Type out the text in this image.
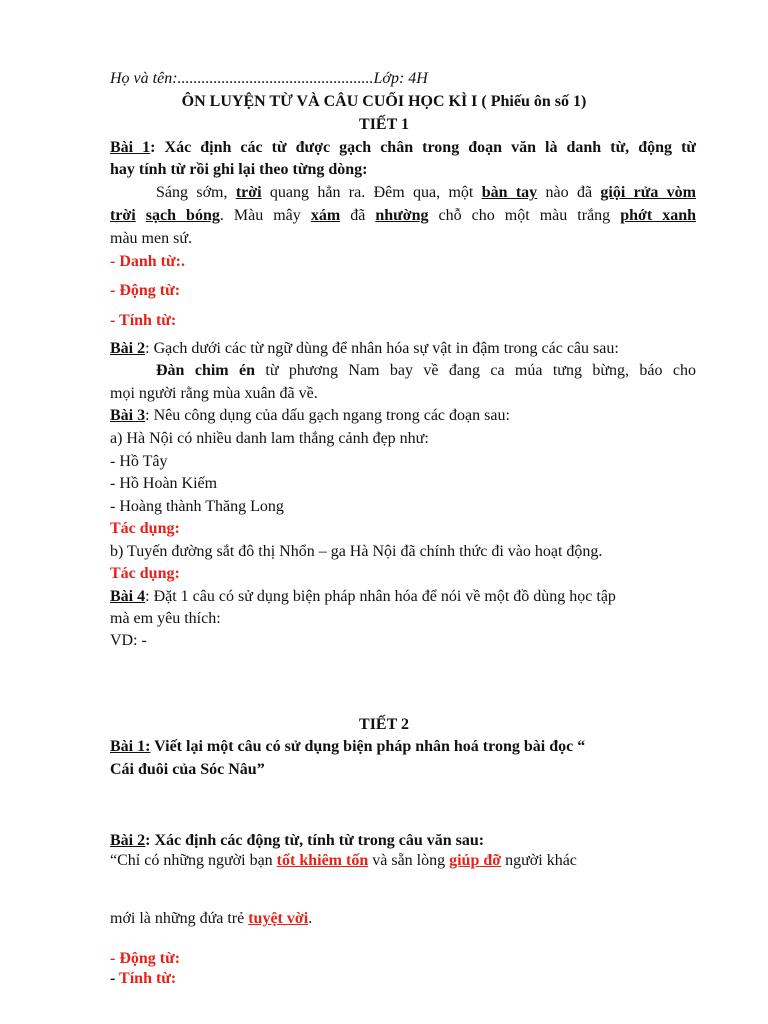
Họ và tên:.................................................Lớp: 4H
ÔN LUYỆN TỪ VÀ CÂU CUỐI HỌC KÌ I ( Phiếu ôn số 1)
TIẾT 1
Bài 1: Xác định các từ được gạch chân trong đoạn văn là danh từ, động từ
hay tính từ rồi ghi lại theo từng dòng:
Sáng sớm, trời quang hẳn ra. Đêm qua, một bàn tay nào đã giội rửa vòm
trời sạch bóng. Màu mây xám đã nhường chỗ cho một màu trắng phớt xanh
màu men sứ.
- Danh từ:.
- Động từ:
- Tính từ:
Bài 2: Gạch dưới các từ ngữ dùng để nhân hóa sự vật in đậm trong các câu sau:
Đàn chim én từ phương Nam bay về đang ca múa tưng bừng, báo cho
mọi người rằng mùa xuân đã về.
Bài 3: Nêu công dụng của dấu gạch ngang trong các đoạn sau:
a) Hà Nội có nhiều danh lam thắng cảnh đẹp như:
- Hồ Tây
- Hồ Hoàn Kiếm
- Hoàng thành Thăng Long
Tác dụng:
b) Tuyến đường sắt đô thị Nhổn – ga Hà Nội đã chính thức đi vào hoạt động.
Tác dụng:
Bài 4: Đặt 1 câu có sử dụng biện pháp nhân hóa để nói về một đồ dùng học tập
mà em yêu thích:
VD: -
TIẾT 2
Bài 1: Viết lại một câu có sử dụng biện pháp nhân hoá trong bài đọc “
Cái đuôi của Sóc Nâu”
Bài 2: Xác định các động từ, tính từ trong câu văn sau:
“Chỉ có những người bạn tốt khiêm tốn và sẵn lòng giúp đỡ người khác
mới là những đứa trẻ tuyệt vời.
- Động từ:
- Tính từ:
